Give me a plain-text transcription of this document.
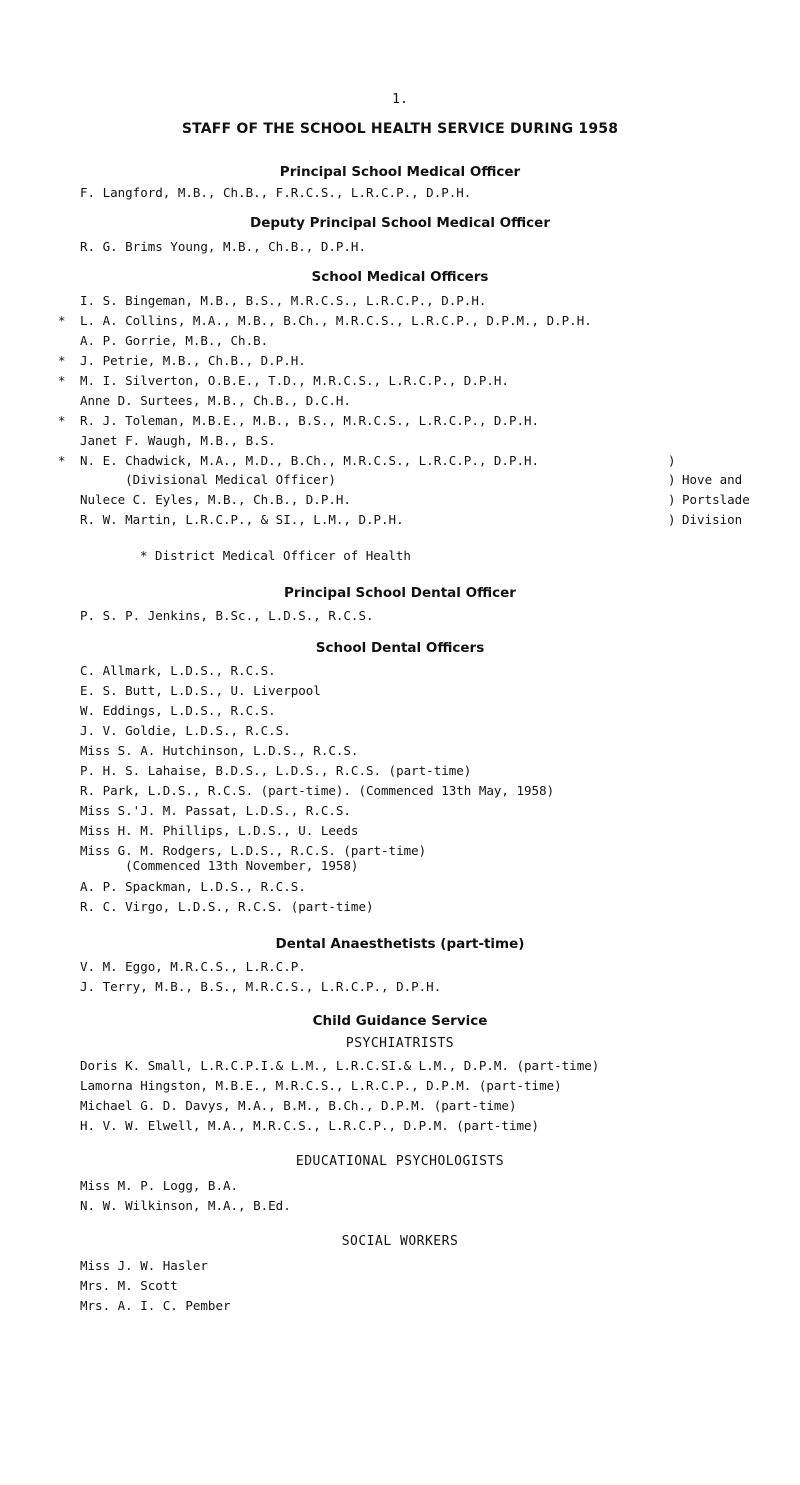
1.
STAFF OF THE SCHOOL HEALTH SERVICE DURING 1958
Principal School Medical Officer
F. Langford, M.B., Ch.B., F.R.C.S., L.R.C.P., D.P.H.
Deputy Principal School Medical Officer
R. G. Brims Young, M.B., Ch.B., D.P.H.
School Medical Officers
I. S. Bingeman, M.B., B.S., M.R.C.S., L.R.C.P., D.P.H.
* L. A. Collins, M.A., M.B., B.Ch., M.R.C.S., L.R.C.P., D.P.M., D.P.H.
A. P. Gorrie, M.B., Ch.B.
* J. Petrie, M.B., Ch.B., D.P.H.
* M. I. Silverton, O.B.E., T.D., M.R.C.S., L.R.C.P., D.P.H.
Anne D. Surtees, M.B., Ch.B., D.C.H.
* R. J. Toleman, M.B.E., M.B., B.S., M.R.C.S., L.R.C.P., D.P.H.
Janet F. Waugh, M.B., B.S.
* N. E. Chadwick, M.A., M.D., B.Ch., M.R.C.S., L.R.C.P., D.P.H.
(Divisional Medical Officer)
Nulece C. Eyles, M.B., Ch.B., D.P.H.
R. W. Martin, L.R.C.P., & SI., L.M., D.P.H.
)
)
)
)
Hove and
Portslade
Division
* District Medical Officer of Health
Principal School Dental Officer
P. S. P. Jenkins, B.Sc., L.D.S., R.C.S.
School Dental Officers
C. Allmark, L.D.S., R.C.S.
E. S. Butt, L.D.S., U. Liverpool
W. Eddings, L.D.S., R.C.S.
J. V. Goldie, L.D.S., R.C.S.
Miss S. A. Hutchinson, L.D.S., R.C.S.
P. H. S. Lahaise, B.D.S., L.D.S., R.C.S. (part-time)
R. Park, L.D.S., R.C.S. (part-time). (Commenced 13th May, 1958)
Miss S.'J. M. Passat, L.D.S., R.C.S.
Miss H. M. Phillips, L.D.S., U. Leeds
Miss G. M. Rodgers, L.D.S., R.C.S. (part-time)
(Commenced 13th November, 1958)
A. P. Spackman, L.D.S., R.C.S.
R. C. Virgo, L.D.S., R.C.S. (part-time)
Dental Anaesthetists (part-time)
V. M. Eggo, M.R.C.S., L.R.C.P.
J. Terry, M.B., B.S., M.R.C.S., L.R.C.P., D.P.H.
Child Guidance Service
PSYCHIATRISTS
Doris K. Small, L.R.C.P.I.& L.M., L.R.C.SI.& L.M., D.P.M. (part-time)
Lamorna Hingston, M.B.E., M.R.C.S., L.R.C.P., D.P.M. (part-time)
Michael G. D. Davys, M.A., B.M., B.Ch., D.P.M. (part-time)
H. V. W. Elwell, M.A., M.R.C.S., L.R.C.P., D.P.M. (part-time)
EDUCATIONAL PSYCHOLOGISTS
Miss M. P. Logg, B.A.
N. W. Wilkinson, M.A., B.Ed.
SOCIAL WORKERS
Miss J. W. Hasler
Mrs. M. Scott
Mrs. A. I. C. Pember
